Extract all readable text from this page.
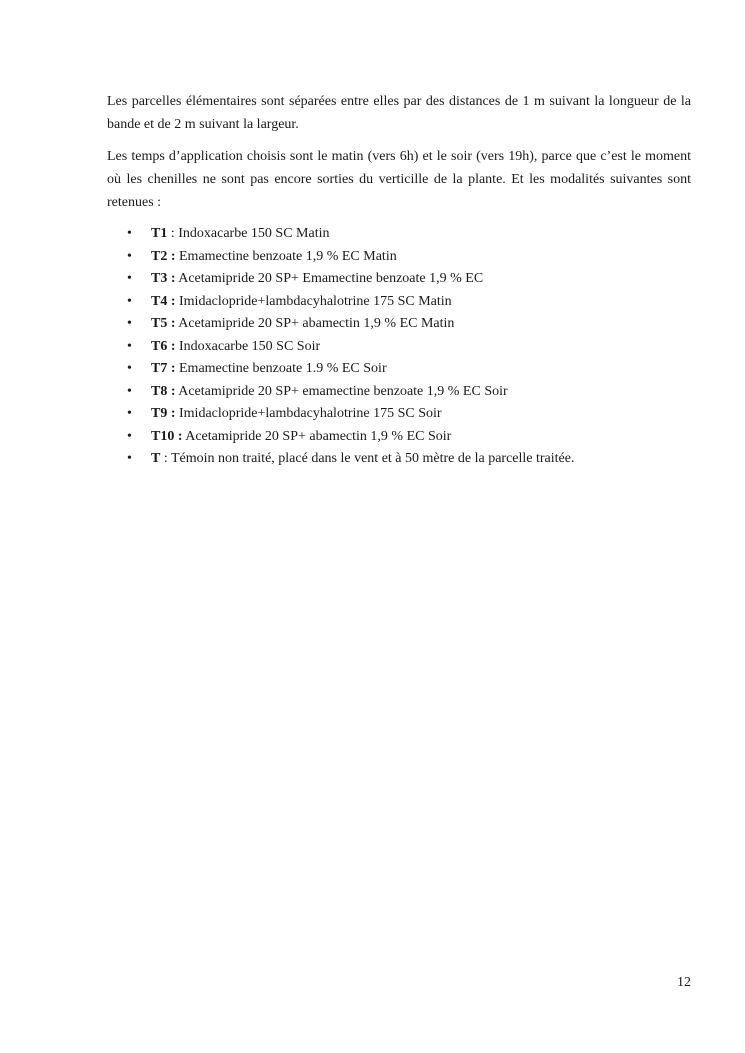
Les parcelles élémentaires sont séparées entre elles par des distances de 1 m suivant la longueur de la bande et de 2 m suivant la largeur.

Les temps d’application choisis sont le matin (vers 6h) et le soir (vers 19h), parce que c’est le moment où les chenilles ne sont pas encore sorties du verticille de la plante. Et les modalités suivantes sont retenues :

• T1 : Indoxacarbe 150 SC Matin
• T2 : Emamectine benzoate 1,9 % EC Matin
• T3 : Acetamipride 20 SP+ Emamectine benzoate 1,9 % EC
• T4 : Imidaclopride+lambdacyhalotrine 175 SC Matin
• T5 : Acetamipride 20 SP+ abamectin 1,9 % EC Matin
• T6 : Indoxacarbe 150 SC Soir
• T7 : Emamectine benzoate 1.9 % EC Soir
• T8 : Acetamipride 20 SP+ emamectine benzoate 1,9 % EC Soir
• T9 : Imidaclopride+lambdacyhalotrine 175 SC Soir
• T10 : Acetamipride 20 SP+ abamectin 1,9 % EC Soir
• T : Témoin non traité, placé dans le vent et à 50 mètre de la parcelle traitée.
12
